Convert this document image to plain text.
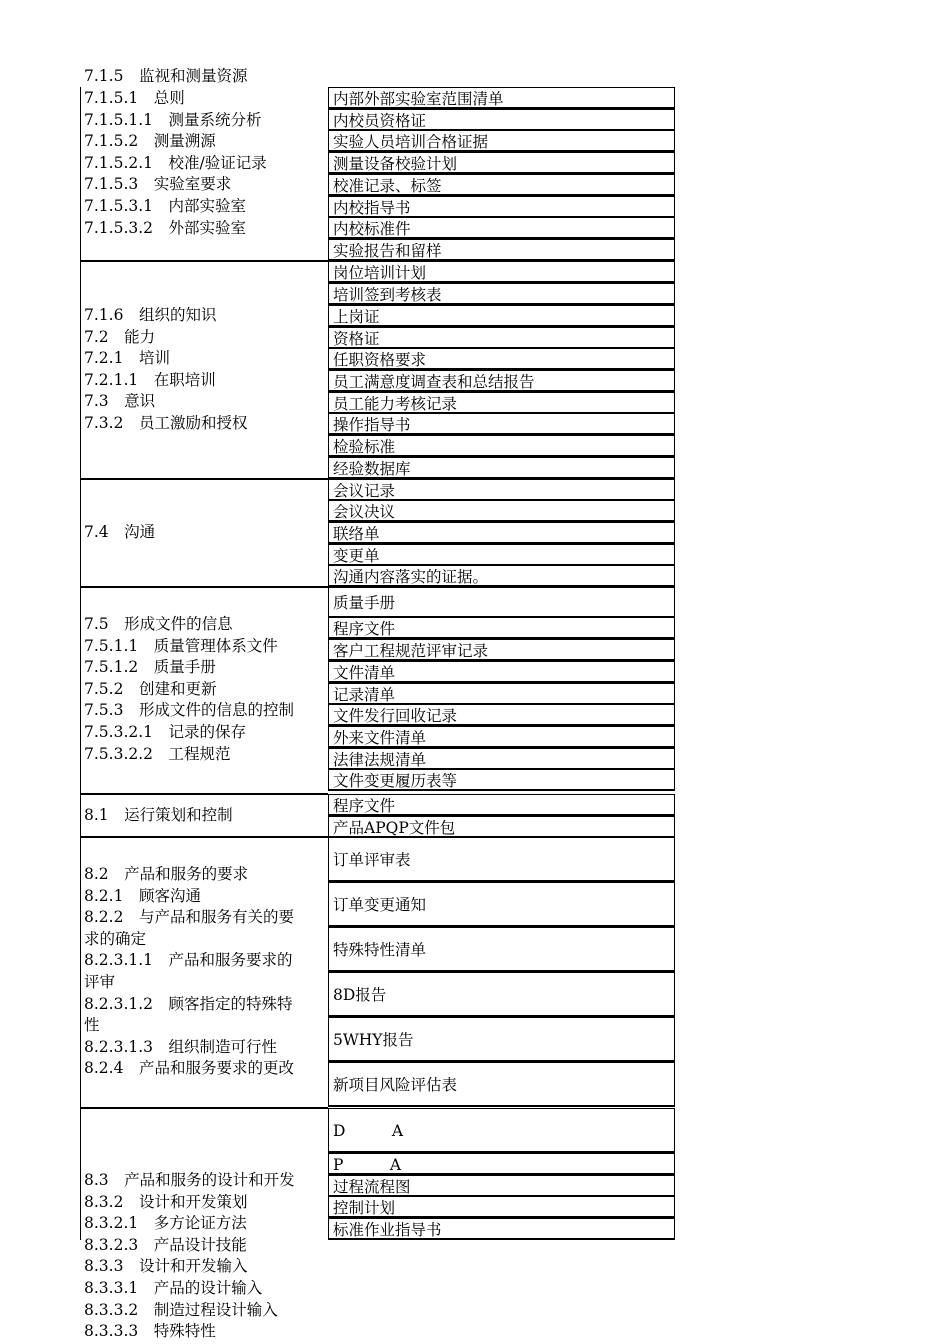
7.1.5　监视和测量资源
7.1.5.1　总则
7.1.5.1.1　测量系统分析
7.1.5.2　测量溯源
7.1.5.2.1　校准/验证记录
7.1.5.3　实验室要求
7.1.5.3.1　内部实验室
7.1.5.3.2　外部实验室
内部外部实验室范围清单
内校员资格证
实验人员培训合格证据
测量设备校验计划
校准记录、标签
内校指导书
内校标准件
实验报告和留样
7.1.6　组织的知识
7.2　能力
7.2.1　培训
7.2.1.1　在职培训
7.3　意识
7.3.2　员工激励和授权
岗位培训计划
培训签到考核表
上岗证
资格证
任职资格要求
员工满意度调查表和总结报告
员工能力考核记录
操作指导书
检验标准
经验数据库
7.4　沟通
会议记录
会议决议
联络单
变更单
沟通内容落实的证据。
7.5　形成文件的信息
7.5.1.1　质量管理体系文件
7.5.1.2　质量手册
7.5.2　创建和更新
7.5.3　形成文件的信息的控制
7.5.3.2.1　记录的保存
7.5.3.2.2　工程规范
质量手册
程序文件
客户工程规范评审记录
文件清单
记录清单
文件发行回收记录
外来文件清单
法律法规清单
文件变更履历表等
8.1　运行策划和控制
程序文件
产品APQP文件包
8.2　产品和服务的要求
8.2.1　顾客沟通
8.2.2　与产品和服务有关的要
求的确定
8.2.3.1.1　产品和服务要求的
评审
8.2.3.1.2　顾客指定的特殊特
性
8.2.3.1.3　组织制造可行性
8.2.4　产品和服务要求的更改
订单评审表
订单变更通知
特殊特性清单
8D报告
5WHY报告
新项目风险评估表
8.3　产品和服务的设计和开发
8.3.2　设计和开发策划
8.3.2.1　多方论证方法
8.3.2.3　产品设计技能
8.3.3　设计和开发输入
8.3.3.1　产品的设计输入
8.3.3.2　制造过程设计输入
8.3.3.3　特殊特性
D　　　A
P　　　A
过程流程图
控制计划
标准作业指导书
